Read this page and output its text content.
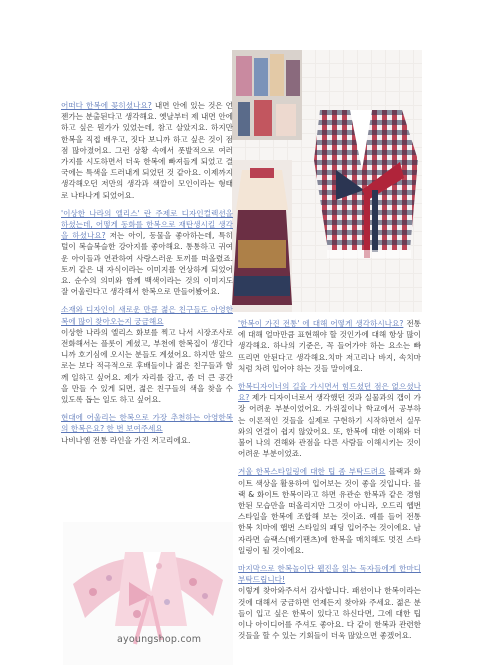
어떠다 한복에 꽂히셨나요? 내면 안에 있는 것은 언젠가는 분출된다고 생각해요. 옛날부터 제 내면 안에 하고 싶은 뭔가가 있었는데, 참고 살았지요. 하지만 한복을 직접 배우고, 짓다 보니까 하고 싶은 것이 점점 많아졌어요. 그런 상황 속에서 폿발적으로 여러 가지를 시도하면서 더욱 한복에 빠져들게 되었고 결국에는 특색을 드러내게 되었던 것 같아요. 이제까지 생각해오던 저만의 생각과 색깔이 모인이라는 형태로 나타나게 되었어요.

'이상한 나라의 엘리스' 란 주제로 디자인컬렉션을 하셨는데, 어떻게 동화를 한복으로 재탄생시킬 생각을 하셨나요? 저는 아이, 동물을 좋아하는데, 특히 털이 복슬복슬한 강아지를 좋아해요. 통통하고 귀여운 아이들과 연관하여 사랑스러운 토끼를 떠올렸죠. 토끼 같은 내 자식이라는 이미지를 연상하게 되었어요. 순수의 의미와 함께 백색이라는 것의 이미지도 잘 어울린다고 생각해서 한복으로 만들어봤어요.

소재와 디자인이 새로운 만큼 젊은 친구들도 아영한복에 많이 찾아오는지 궁금해요
이상한 나라의 엘리스 화보를 찍고 나서 시장조사로 전화해서는 플롯이 계셨고, 부천에 한복집이 생긴다니까 호기심에 오시는 분들도 계셨어요. 하지만 앞으로는 보다 적극적으로 후배들이나 젊은 친구들과 함께 일하고 싶어요. 제가 자리를 잡고, 좀 더 큰 공간을 만들 수 있게 되면, 젊은 친구들의 색을 찾을 수 있도록 돕는 일도 하고 싶어요.

현대에 어울리는 한복으로 가장 추천하는 아영한복의 한복은요? 한 번 보여주세요
나비나엠 전통 라인을 가진 저고리에요.

'한복이 가진 전통' 에 대해 어떻게 생각하시나요? 전통에 대해 얼마만큼 표현해야 할 것인가에 대해 항상 많이 생각해요. 하나의 기준은, 꼭 들어가야 하는 요소는 빠뜨리면 안된다고 생각해요.치마 저고리나 바지, 속치마처럼 차려 입어야 하는 것들 말이에요.

한복디자이너의 길을 가시면서 힘드셨던 점은 없으셨나요? 제가 디자이너로서 생각했던 것과 실물과의 갭이 가장 어려운 부분이었어요. 가위질이나 학교에서 공부하는 이론적인 것들을 실제로 구현하기 시작하면서 실무와의 연결이 쉽지 않았어요. 또, 한복에 대한 이해와 더불어 나의 견해와 관점을 다른 사람들 이해시키는 것이 어려운 부분이었죠.

겨울 한복스타일링에 대한 팁 좀 부탁드려요 블랙과 화이트 색상을 활용하여 입어보는 것이 좋을 것입니다. 블랙 & 화이트 한복이라고 하면 유관순 한복과 같은 경험한된 모습만을 떠올리지만 그것이 아니라, 오드리 헵번 스타일을 한복에 조합해 보는 것이죠. 예를 들어 전통 한복 치마에 햅번 스타일의 패딩 입어주는 것이에요. 남자라면 슬랙스(배기팬츠)에 한복을 매치해도 멋진 스타일링이 될 것이에요.

마지막으로 한복놀이단 웹진을 읽는 독자들에게 한마디 부탁드립니다!
이렇게 찾아와주셔서 감사합니다. 패션이나 한복이라는 것에 대해서 궁금하면 언제든지 찾아와 주세요. 젊은 분들이 입고 싶은 한복이 있다고 하신다면, 그에 대한 팁이나 아이디어를 주셔도 좋아요. 다 같이 한복과 관련한 것들을 할 수 있는 기회들이 더욱 많았으면 좋겠어요.

ayoungshop.com
